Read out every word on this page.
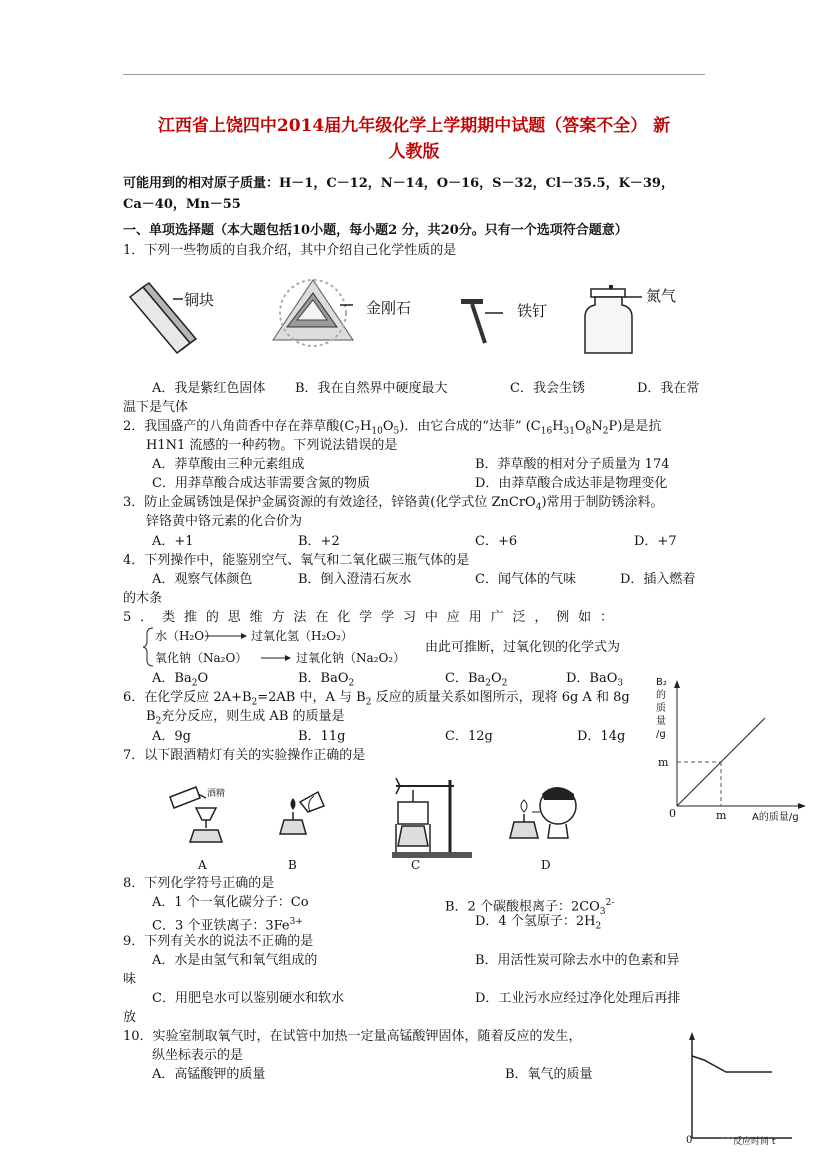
江西省上饶四中2014届九年级化学上学期期中试题（答案不全） 新
人教版
可能用到的相对原子质量：H－1，C－12，N－14，O－16，S－32，Cl－35.5，K－39，
Ca－40，Mn－55
一、单项选择题（本大题包括10小题，每小题2 分，共20分。只有一个选项符合题意）
1．下列一些物质的自我介绍，其中介绍自己化学性质的是
铜块	金刚石	铁钉
氮气
A．我是紫红色固体 B．我在自然界中硬度最大	C．我会生锈	D．我在常
温下是气体
2．我国盛产的八角茴香中存在莽草酸$(C_7H_{10}O_5)$．由它合成的“达菲” $(C_{16}H_{31}O_8N_2P)$是是抗
H1N1 流感的一种药物。下列说法错误的是
A．莽草酸由三种元素组成	B．莽草酸的相对分子质量为 174
C．用莽草酸合成达菲需要含氮的物质	D．由莽草酸合成达菲是物理变化
3．防止金属锈蚀是保护金属资源的有效途径，锌铬黄(化学式位 ZnCrO$_4$)常用于制防锈涂料。
锌铬黄中铬元素的化合价为
A．+1	B．+2	C．+6	D．+7
4．下列操作中，能鉴别空气、氧气和二氧化碳三瓶气体的是
A．观察气体颜色	B．倒入澄清石灰水	C．闻气体的气味	D．插入燃着
的木条
5．类推的思维方法在化学学习中应用广泛，例如：
水（H₂O）	过氧化氢（H₂O₂）
氧化钠（Na₂O）	过氧化钠（Na₂O₂）
由此可推断，过氧化钡的化学式为
A．$Ba_2O$	B．BaO$_2$	C．$Ba_2O_2$	D．BaO$_3$
6．在化学反应 $2A+B_2=2AB$ 中，A 与 $B_2$ 反应的质量关系如图所示，现将 6g A 和 8g
$B_2$充分反应，则生成 AB 的质量是
A．9g	B．11g	C．12g	D．14g
B₂
的
质
量
/g
m
m
0	A的质量/g
7．以下跟酒精灯有关的实验操作正确的是
酒精
A	B	C	D
8．下列化学符号正确的是
A．1 个一氧化碳分子：Co	B．2 个碳酸根离子：$2CO_3^{2-}$
C．3 个亚铁离子：$3Fe^{3+}$	D．4 个氢原子：$2H_2$
9．下列有关水的说法不正确的是
A．水是由氢气和氧气组成的	B．用活性炭可除去水中的色素和异
味
C．用肥皂水可以鉴别硬水和软水	D．工业污水应经过净化处理后再排
放
10．实验室制取氧气时，在试管中加热一定量高锰酸钾固体，随着反应的发生，
纵坐标表示的是
A．高锰酸钾的质量	B．氧气的质量
0	反应时间 t
